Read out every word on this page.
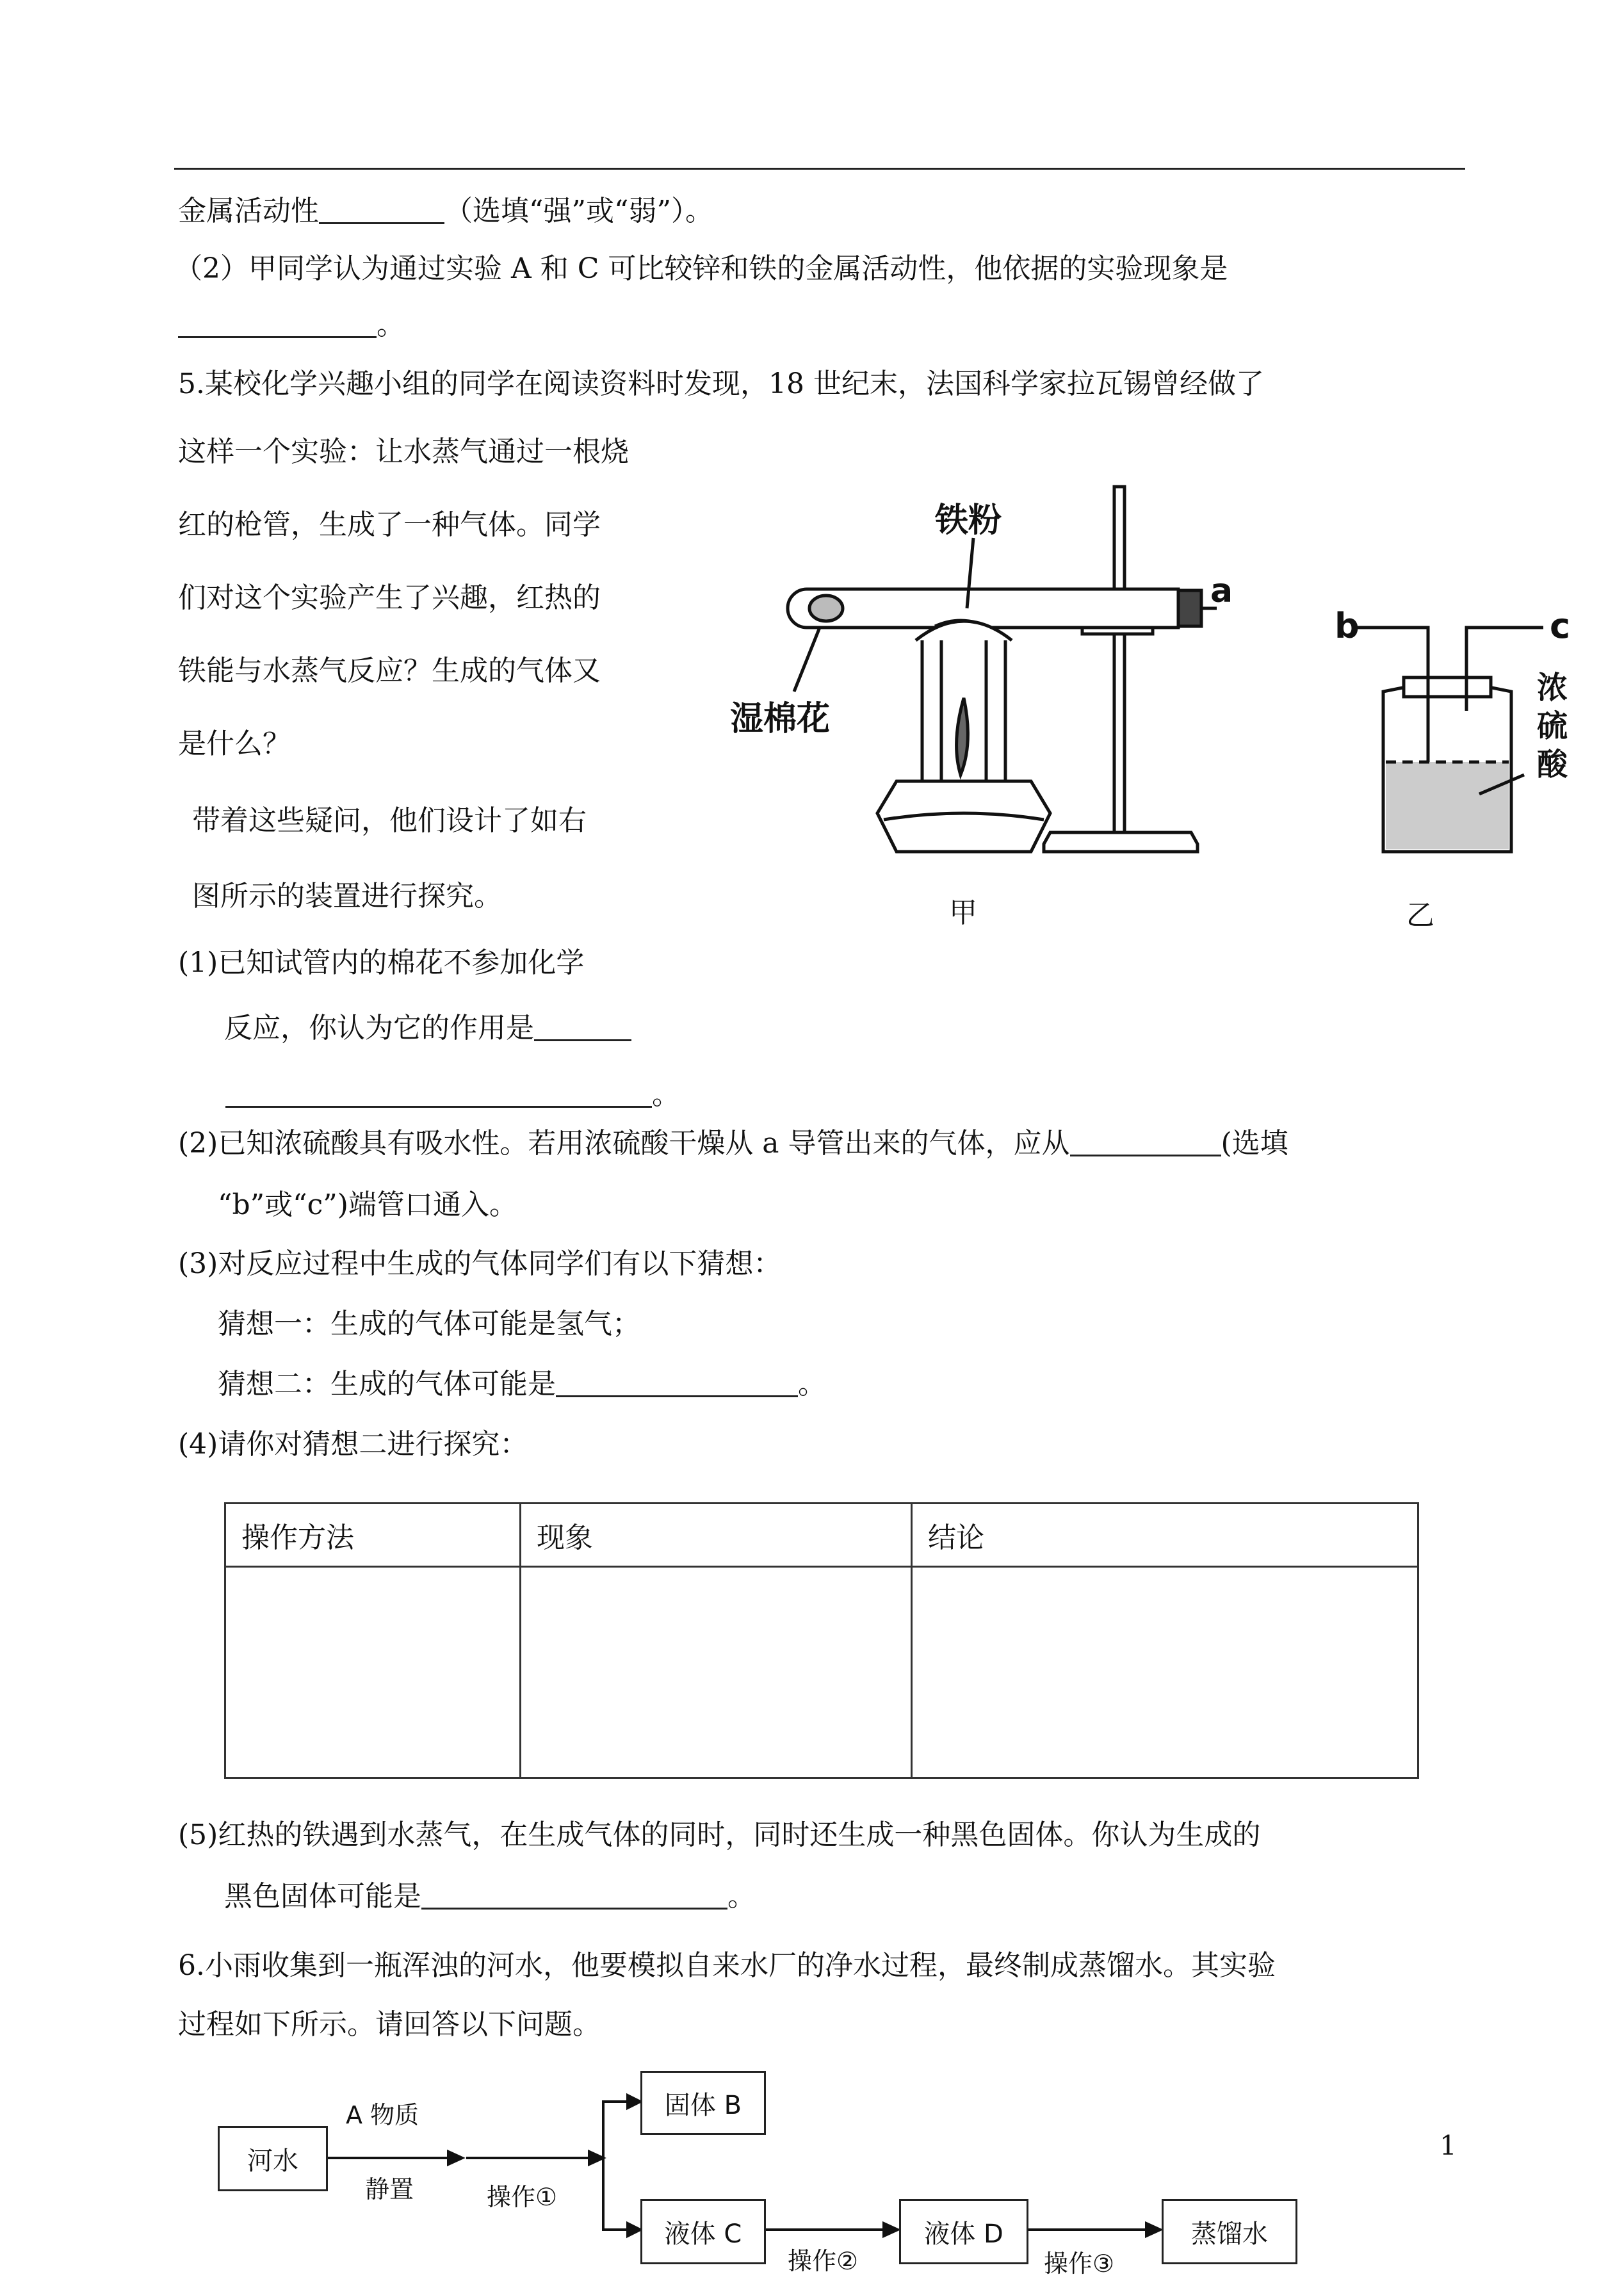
金属活动性	（选填“强”或“弱”）。
（2）甲同学认为通过实验 A 和 C 可比较锌和铁的金属活动性，他依据的实验现象是
。
5.某校化学兴趣小组的同学在阅读资料时发现，18 世纪末，法国科学家拉瓦锡曾经做了
这样一个实验：让水蒸气通过一根烧
红的枪管，生成了一种气体。同学
们对这个实验产生了兴趣，红热的
铁能与水蒸气反应？生成的气体又
是什么？
带着这些疑问，他们设计了如右
图所示的装置进行探究。
(1)已知试管内的棉花不参加化学
反应，你认为它的作用是
。
(2)已知浓硫酸具有吸水性。若用浓硫酸干燥从 a 导管出来的气体，应从	(选填
“b”或“c”)端管口通入。
(3)对反应过程中生成的气体同学们有以下猜想：
猜想一：生成的气体可能是氢气；
猜想二：生成的气体可能是	。
(4)请你对猜想二进行探究：
操作方法	现象	结论

(5)红热的铁遇到水蒸气，在生成气体的同时，同时还生成一种黑色固体。你认为生成的
黑色固体可能是	。
6.小雨收集到一瓶浑浊的河水，他要模拟自来水厂的净水过程，最终制成蒸馏水。其实验
过程如下所示。请回答以下问题。
铁粉
湿棉花
a
甲
b	c
浓
硫
酸
乙
河水
A 物质
静置	操作①
固体 B
液体 C
操作②
液体 D
操作③
蒸馏水
1
